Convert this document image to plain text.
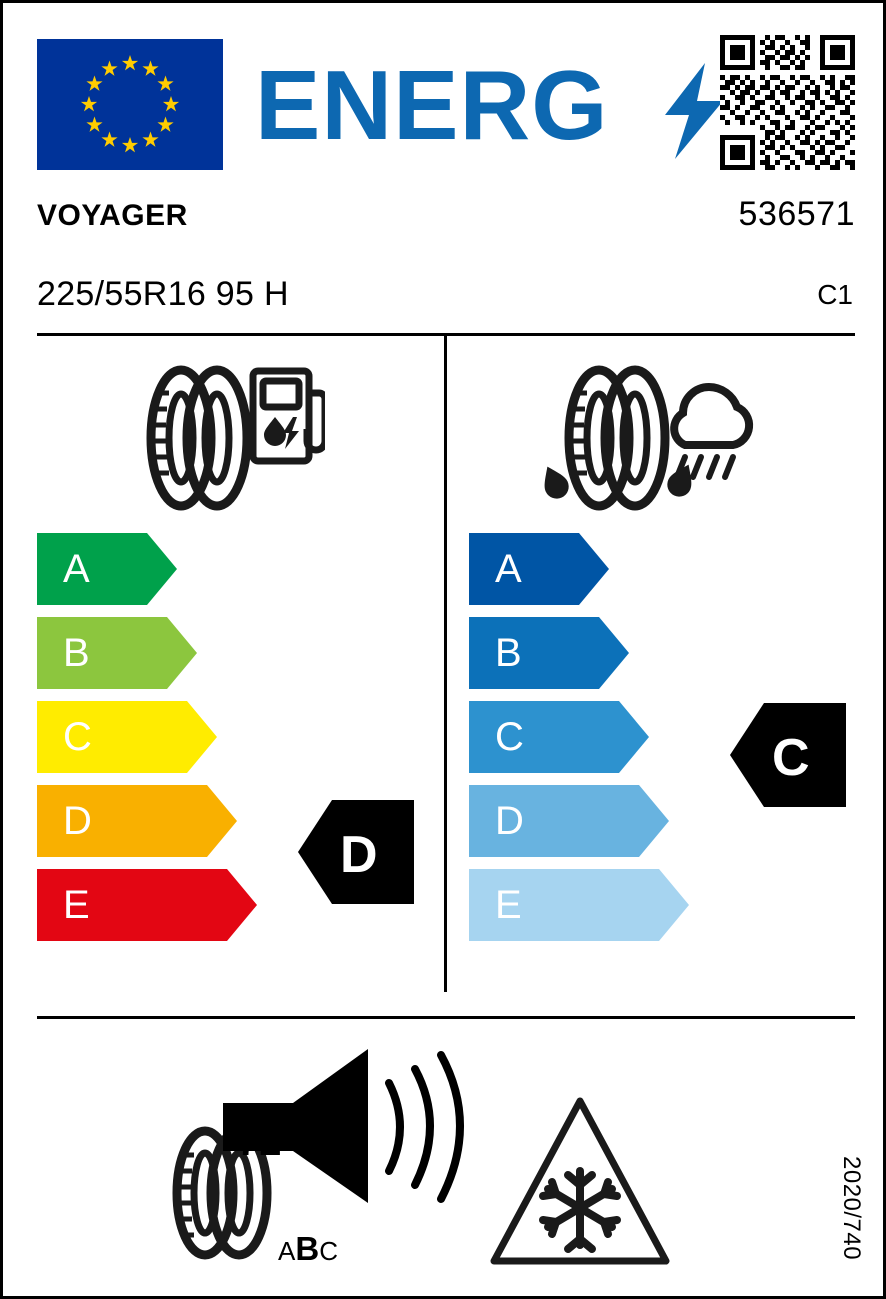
ENERG
VOYAGER	536571
225/55R16 95 H	C1
A
B
C
D
E
A
B
C
D
E
D
C
72 dB
ABC	2020/740
